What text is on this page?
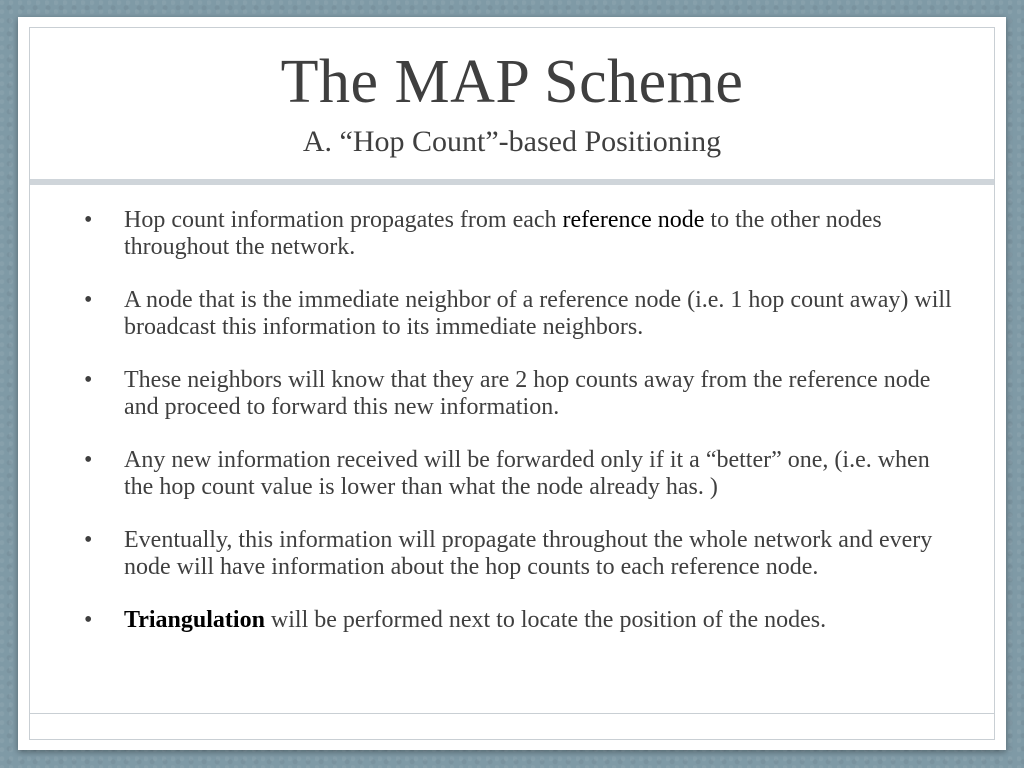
The MAP Scheme

A. “Hop Count”-based Positioning

• Hop count information propagates from each reference node to the other nodes throughout the network.
• A node that is the immediate neighbor of a reference node (i.e. 1 hop count away) will broadcast this information to its immediate neighbors.
• These neighbors will know that they are 2 hop counts away from the reference node and proceed to forward this new information.
• Any new information received will be forwarded only if it a “better” one, (i.e. when the hop count value is lower than what the node already has. )
• Eventually, this information will propagate throughout the whole network and every node will have information about the hop counts to each reference node.
• Triangulation will be performed next to locate the position of the nodes.
